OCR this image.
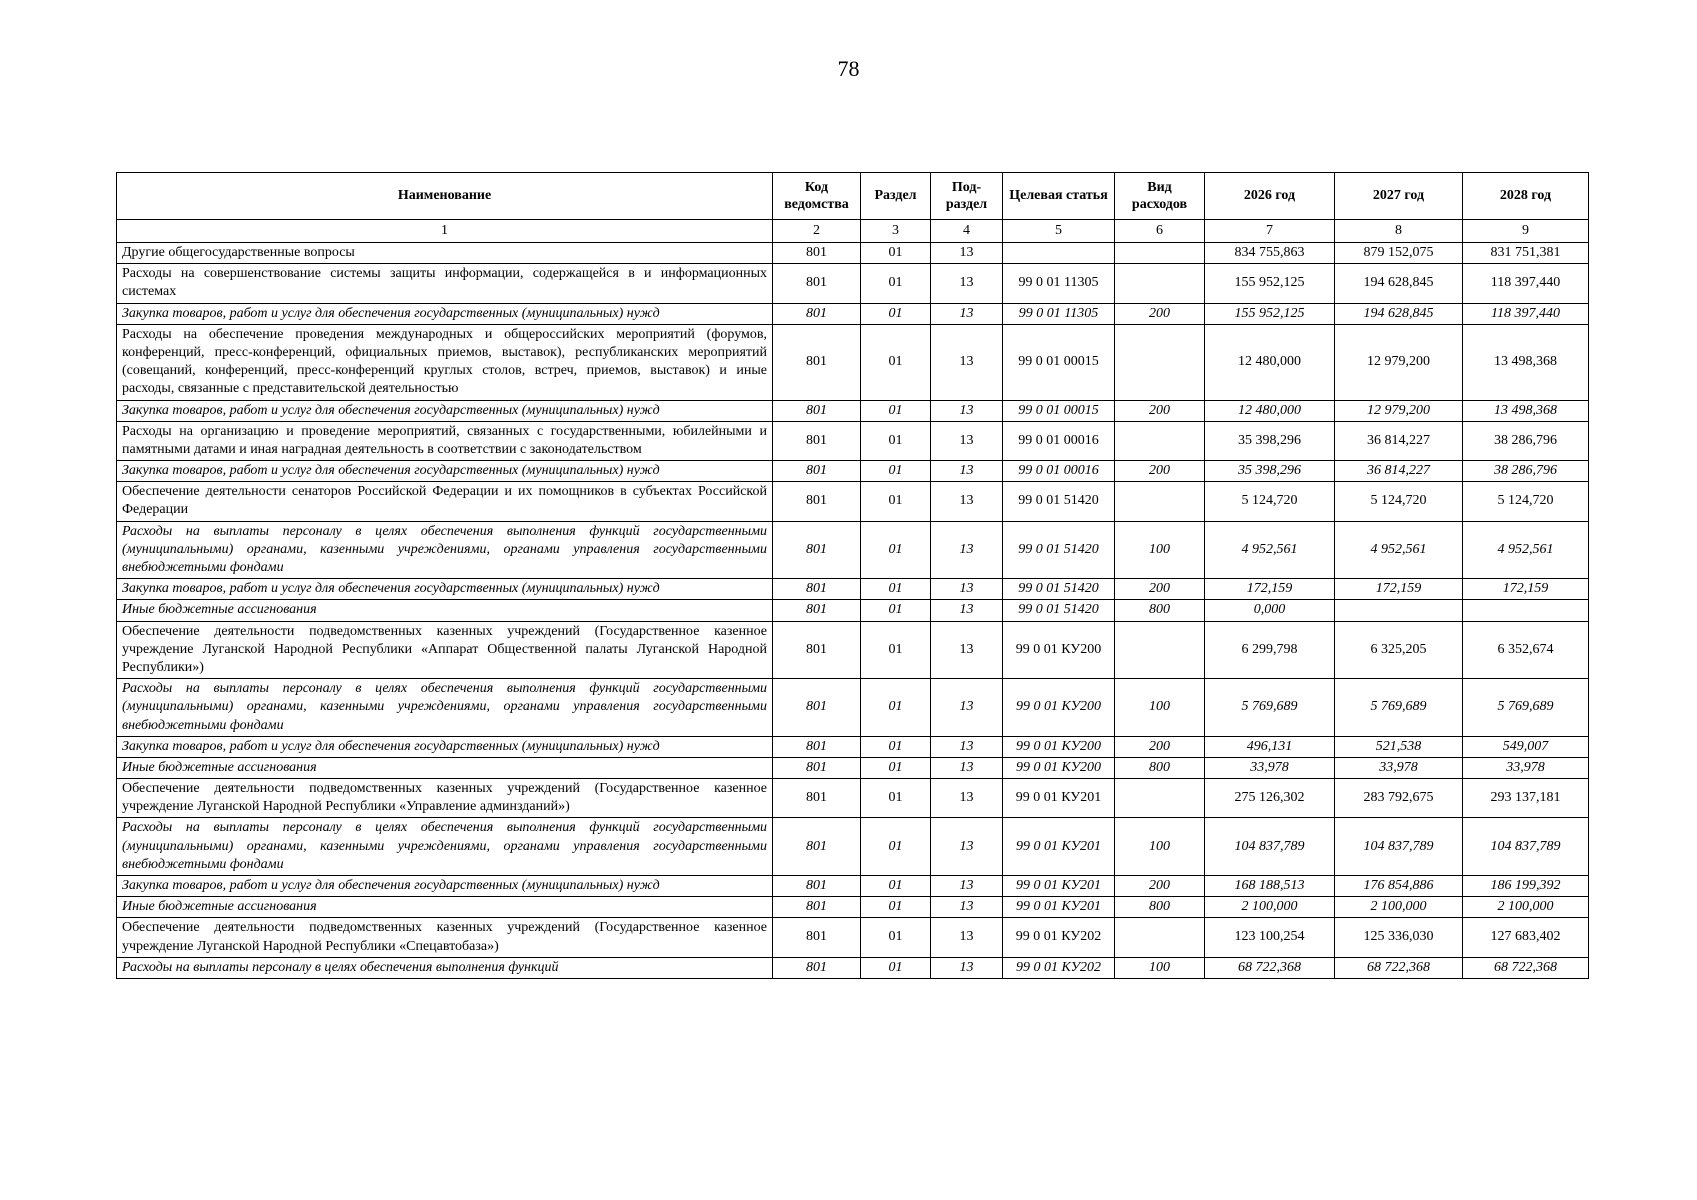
78
Наименование	Код ведомства	Раздел	Под-раздел	Целевая статья	Вид расходов	2026 год	2027 год	2028 год
1	2	3	4	5	6	7	8	9
Другие общегосударственные вопросы	801	01	13			834 755,863	879 152,075	831 751,381
Расходы на совершенствование системы защиты информации, содержащейся в и информационных системах	801	01	13	99 0 01 11305		155 952,125	194 628,845	118 397,440
Закупка товаров, работ и услуг для обеспечения государственных (муниципальных) нужд	801	01	13	99 0 01 11305	200	155 952,125	194 628,845	118 397,440
Расходы на обеспечение проведения международных и общероссийских мероприятий (форумов, конференций, пресс-конференций, официальных приемов, выставок), республиканских мероприятий (совещаний, конференций, пресс-конференций круглых столов, встреч, приемов, выставок) и иные расходы, связанные с представительской деятельностью	801	01	13	99 0 01 00015		12 480,000	12 979,200	13 498,368
Закупка товаров, работ и услуг для обеспечения государственных (муниципальных) нужд	801	01	13	99 0 01 00015	200	12 480,000	12 979,200	13 498,368
Расходы на организацию и проведение мероприятий, связанных с государственными, юбилейными и памятными датами и иная наградная деятельность в соответствии с законодательством	801	01	13	99 0 01 00016		35 398,296	36 814,227	38 286,796
Закупка товаров, работ и услуг для обеспечения государственных (муниципальных) нужд	801	01	13	99 0 01 00016	200	35 398,296	36 814,227	38 286,796
Обеспечение деятельности сенаторов Российской Федерации и их помощников в субъектах Российской Федерации	801	01	13	99 0 01 51420		5 124,720	5 124,720	5 124,720
Расходы на выплаты персоналу в целях обеспечения выполнения функций государственными (муниципальными) органами, казенными учреждениями, органами управления государственными внебюджетными фондами	801	01	13	99 0 01 51420	100	4 952,561	4 952,561	4 952,561
Закупка товаров, работ и услуг для обеспечения государственных (муниципальных) нужд	801	01	13	99 0 01 51420	200	172,159	172,159	172,159
Иные бюджетные ассигнования	801	01	13	99 0 01 51420	800	0,000		
Обеспечение деятельности подведомственных казенных учреждений (Государственное казенное учреждение Луганской Народной Республики «Аппарат Общественной палаты Луганской Народной Республики»)	801	01	13	99 0 01 КУ200		6 299,798	6 325,205	6 352,674
Расходы на выплаты персоналу в целях обеспечения выполнения функций государственными (муниципальными) органами, казенными учреждениями, органами управления государственными внебюджетными фондами	801	01	13	99 0 01 КУ200	100	5 769,689	5 769,689	5 769,689
Закупка товаров, работ и услуг для обеспечения государственных (муниципальных) нужд	801	01	13	99 0 01 КУ200	200	496,131	521,538	549,007
Иные бюджетные ассигнования	801	01	13	99 0 01 КУ200	800	33,978	33,978	33,978
Обеспечение деятельности подведомственных казенных учреждений (Государственное казенное учреждение Луганской Народной Республики «Управление админзданий»)	801	01	13	99 0 01 КУ201		275 126,302	283 792,675	293 137,181
Расходы на выплаты персоналу в целях обеспечения выполнения функций государственными (муниципальными) органами, казенными учреждениями, органами управления государственными внебюджетными фондами	801	01	13	99 0 01 КУ201	100	104 837,789	104 837,789	104 837,789
Закупка товаров, работ и услуг для обеспечения государственных (муниципальных) нужд	801	01	13	99 0 01 КУ201	200	168 188,513	176 854,886	186 199,392
Иные бюджетные ассигнования	801	01	13	99 0 01 КУ201	800	2 100,000	2 100,000	2 100,000
Обеспечение деятельности подведомственных казенных учреждений (Государственное казенное учреждение Луганской Народной Республики «Спецавтобаза»)	801	01	13	99 0 01 КУ202		123 100,254	125 336,030	127 683,402
Расходы на выплаты персоналу в целях обеспечения выполнения функций	801	01	13	99 0 01 КУ202	100	68 722,368	68 722,368	68 722,368
